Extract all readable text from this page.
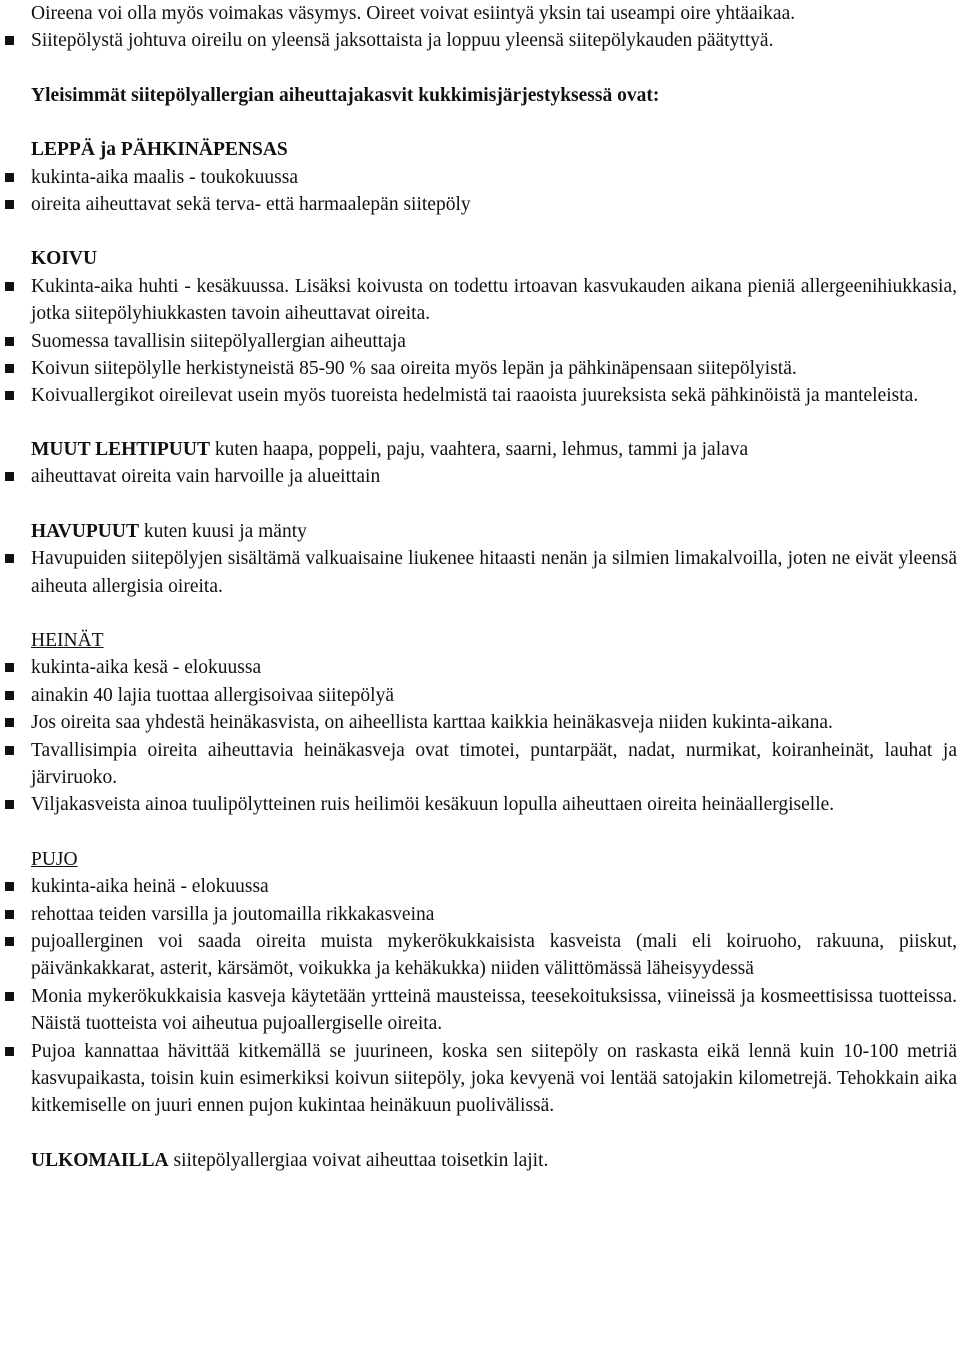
Oireena voi olla myös voimakas väsymys. Oireet voivat esiintyä yksin tai useampi oire yhtäaikaa.

Siitepölystä johtuva oireilu on yleensä jaksottaista ja loppuu yleensä siitepölykauden päätyttyä.

Yleisimmät siitepölyallergian aiheuttajakasvit kukkimisjärjestyksessä ovat:

LEPPÄ ja PÄHKINÄPENSAS

kukinta-aika maalis - toukokuussa
oireita aiheuttavat sekä terva- että harmaalepän siitepöly

KOIVU

Kukinta-aika huhti - kesäkuussa. Lisäksi koivusta on todettu irtoavan kasvukauden aikana pieniä allergeenihiukkasia, jotka siitepölyhiukkasten tavoin aiheuttavat oireita.
Suomessa tavallisin siitepölyallergian aiheuttaja
Koivun siitepölylle herkistyneistä 85-90 % saa oireita myös lepän ja pähkinäpensaan siitepölyistä.
Koivuallergikot oireilevat usein myös tuoreista hedelmistä tai raaoista juureksista sekä pähkinöistä ja manteleista.

MUUT LEHTIPUUT kuten haapa, poppeli, paju, vaahtera, saarni, lehmus, tammi ja jalava

aiheuttavat oireita vain harvoille ja alueittain

HAVUPUUT kuten kuusi ja mänty

Havupuiden siitepölyjen sisältämä valkuaisaine liukenee hitaasti nenän ja silmien limakalvoilla, joten ne eivät yleensä aiheuta allergisia oireita.

HEINÄT

kukinta-aika kesä - elokuussa
ainakin 40 lajia tuottaa allergisoivaa siitepölyä
Jos oireita saa yhdestä heinäkasvista, on aiheellista karttaa kaikkia heinäkasveja niiden kukinta-aikana.
Tavallisimpia oireita aiheuttavia heinäkasveja ovat timotei, puntarpäät, nadat, nurmikat, koiranheinät, lauhat ja järviruoko.
Viljakasveista ainoa tuulipölytteinen ruis heilimöi kesäkuun lopulla aiheuttaen oireita heinäallergiselle.

PUJO

kukinta-aika heinä - elokuussa
rehottaa teiden varsilla ja joutomailla rikkakasveina
pujoallerginen voi saada oireita muista mykerökukkaisista kasveista (mali eli koiruoho, rakuuna, piiskut, päivänkakkarat, asterit, kärsämöt, voikukka ja kehäkukka) niiden välittömässä läheisyydessä
Monia mykerökukkaisia kasveja käytetään yrtteinä mausteissa, teesekoituksissa, viineissä ja kosmeettisissa tuotteissa. Näistä tuotteista voi aiheutua pujoallergiselle oireita.
Pujoa kannattaa hävittää kitkemällä se juurineen, koska sen siitepöly on raskasta eikä lennä kuin 10-100 metriä kasvupaikasta, toisin kuin esimerkiksi koivun siitepöly, joka kevyenä voi lentää satojakin kilometrejä. Tehokkain aika kitkemiselle on juuri ennen pujon kukintaa heinäkuun puolivälissä.

ULKOMAILLA siitepölyallergiaa voivat aiheuttaa toisetkin lajit.
